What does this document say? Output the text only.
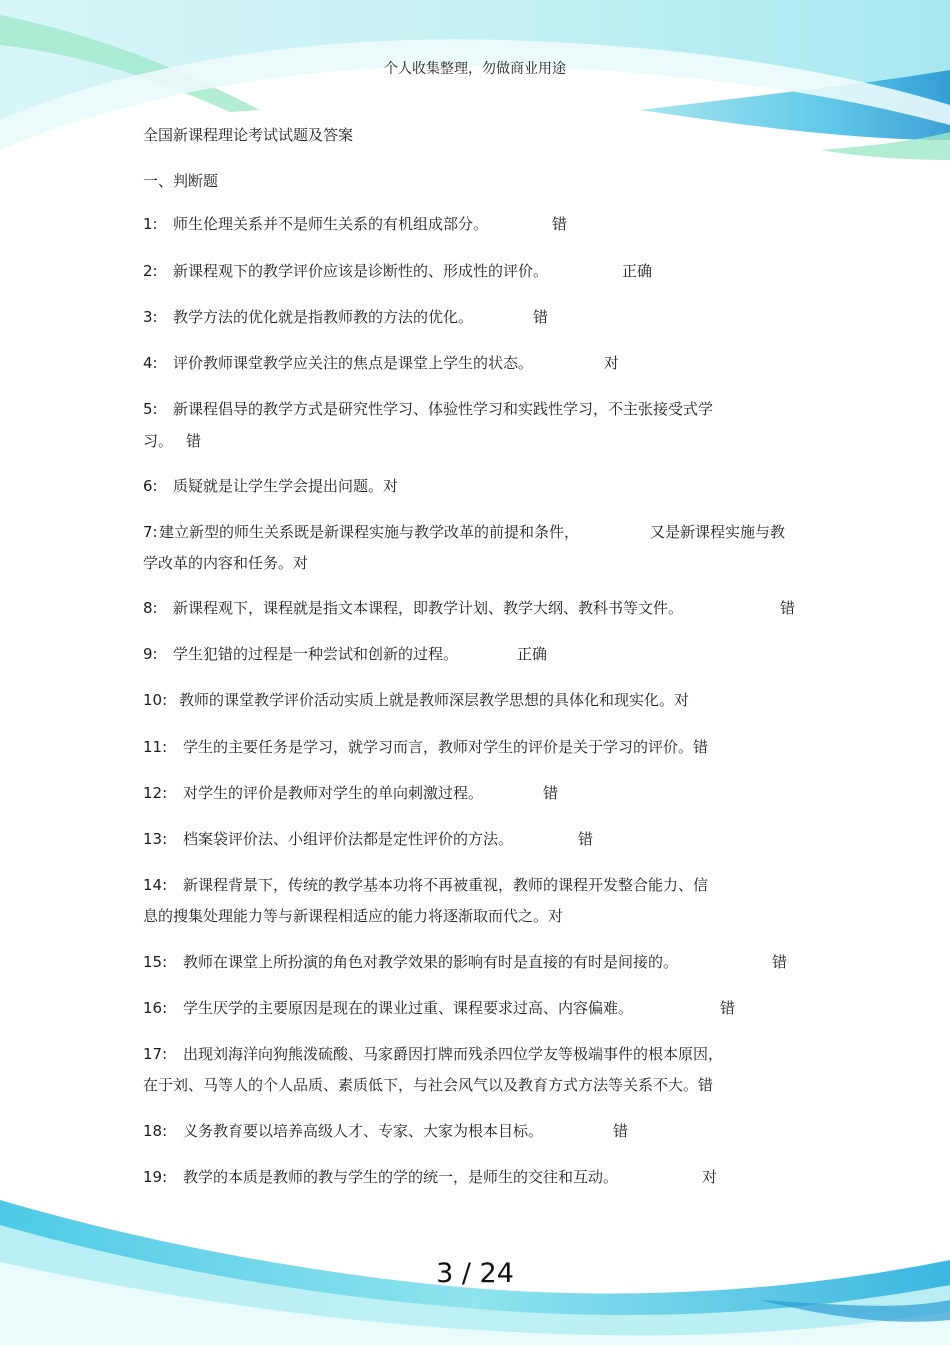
个人收集整理，勿做商业用途
全国新课程理论考试试题及答案
一、判断题
1: 师生伦理关系并不是师生关系的有机组成部分。	错
2: 新课程观下的教学评价应该是诊断性的、形成性的评价。	正确
3: 教学方法的优化就是指教师教的方法的优化。	错
4: 评价教师课堂教学应关注的焦点是课堂上学生的状态。	对
5: 新课程倡导的教学方式是研究性学习、体验性学习和实践性学习，不主张接受式学
习。 错
6: 质疑就是让学生学会提出问题。对
7: 建立新型的师生关系既是新课程实施与教学改革的前提和条件，	又是新课程实施与教
学改革的内容和任务。对
8: 新课程观下，课程就是指文本课程，即教学计划、教学大纲、教科书等文件。	错
9: 学生犯错的过程是一种尝试和创新的过程。	正确
10: 教师的课堂教学评价活动实质上就是教师深层教学思想的具体化和现实化。对
11: 学生的主要任务是学习，就学习而言，教师对学生的评价是关于学习的评价。错
12: 对学生的评价是教师对学生的单向刺激过程。	错
13: 档案袋评价法、小组评价法都是定性评价的方法。	错
14: 新课程背景下，传统的教学基本功将不再被重视，教师的课程开发整合能力、信
息的搜集处理能力等与新课程相适应的能力将逐渐取而代之。对
15: 教师在课堂上所扮演的角色对教学效果的影响有时是直接的有时是间接的。	错
16: 学生厌学的主要原因是现在的课业过重、课程要求过高、内容偏难。	错
17: 出现刘海洋向狗熊泼硫酸、马家爵因打牌而残杀四位学友等极端事件的根本原因，
在于刘、马等人的个人品质、素质低下，与社会风气以及教育方式方法等关系不大。错
18: 义务教育要以培养高级人才、专家、大家为根本目标。	错
19: 教学的本质是教师的教与学生的学的统一，是师生的交往和互动。	对
3 / 24
